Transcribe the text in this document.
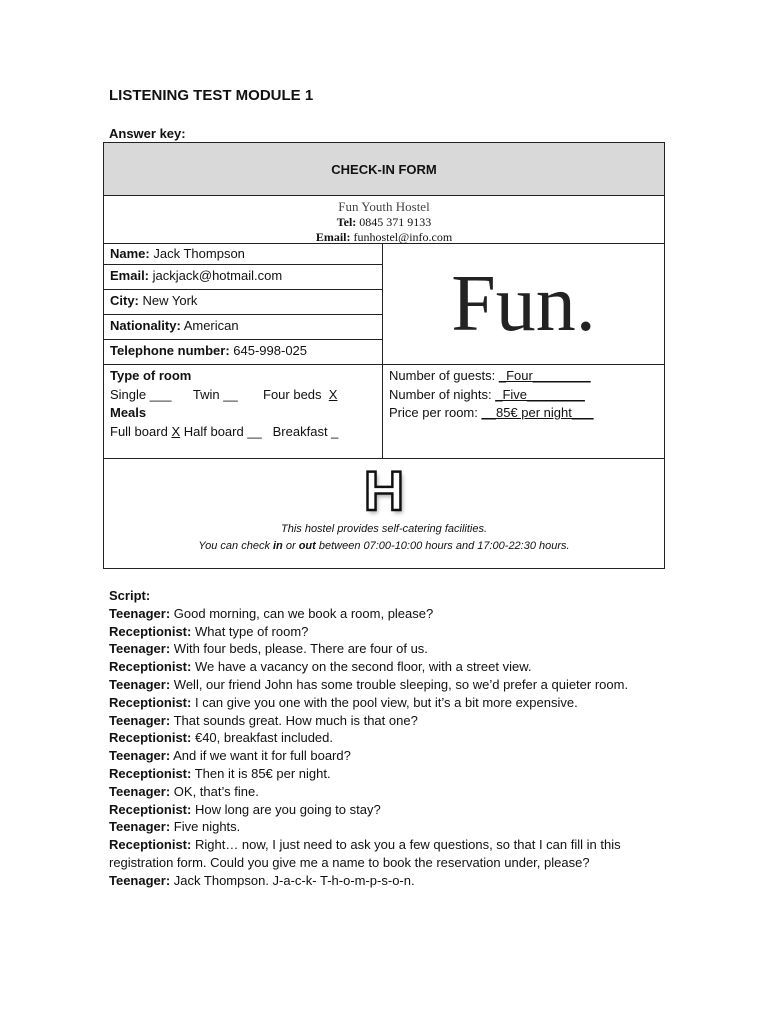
LISTENING TEST MODULE 1
Answer key:
CHECK-IN FORM
Fun Youth Hostel
Tel: 0845 371 9133
Email: funhostel@info.com
Name: Jack Thompson
Email: jackjack@hotmail.com
City: New York
Nationality: American
Telephone number: 645-998-025
Fun.
Type of room
Single ___ Twin __ Four beds X
Meals
Full board X Half board __ Breakfast _
Number of guests: _Four________
Number of nights: _Five________
Price per room: __85€ per night___
H
This hostel provides self-catering facilities.
You can check in or out between 07:00-10:00 hours and 17:00-22:30 hours.

Script:

Teenager: Good morning, can we book a room, please?

Receptionist: What type of room?

Teenager: With four beds, please. There are four of us.

Receptionist: We have a vacancy on the second floor, with a street view.

Teenager: Well, our friend John has some trouble sleeping, so we’d prefer a quieter room.

Receptionist: I can give you one with the pool view, but it’s a bit more expensive.

Teenager: That sounds great. How much is that one?

Receptionist: €40, breakfast included.

Teenager: And if we want it for full board?

Receptionist: Then it is 85€ per night.

Teenager: OK, that’s fine.

Receptionist: How long are you going to stay?

Teenager: Five nights.

Receptionist: Right… now, I just need to ask you a few questions, so that I can fill in this registration form. Could you give me a name to book the reservation under, please?

Teenager: Jack Thompson. J-a-c-k- T-h-o-m-p-s-o-n.
